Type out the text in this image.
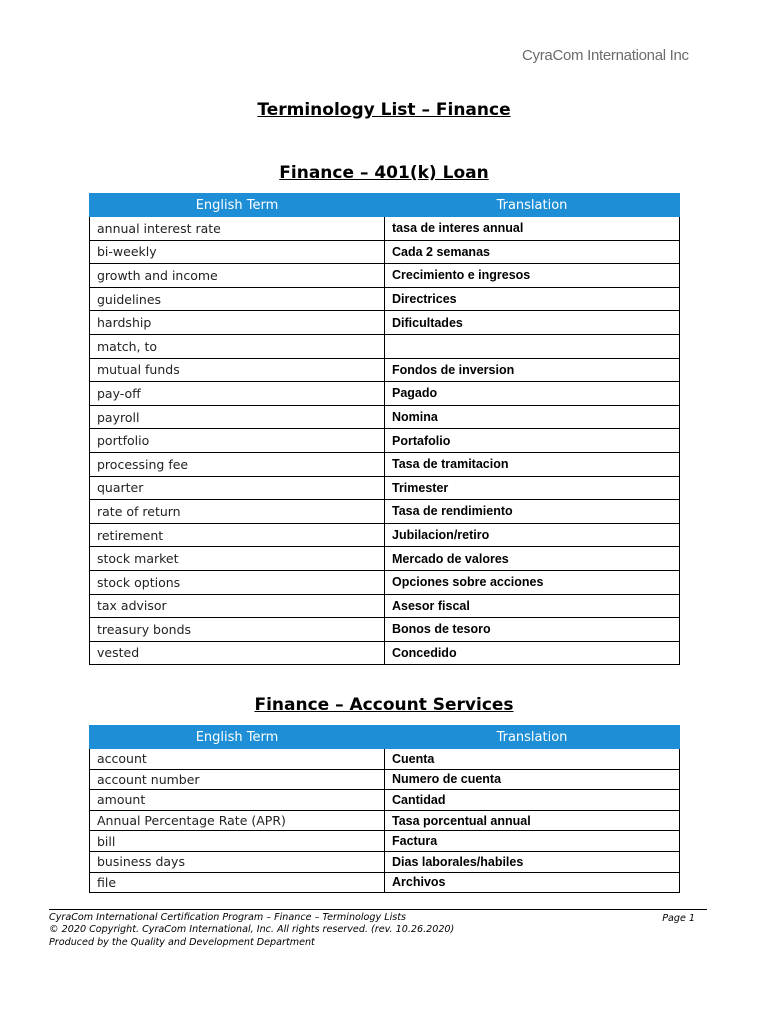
CyraCom International Inc
Terminology List – Finance
Finance – 401(k) Loan
English Term	Translation
annual interest rate	tasa de interes annual
bi-weekly	Cada 2 semanas
growth and income	Crecimiento e ingresos
guidelines	Directrices
hardship	Dificultades
match, to	
mutual funds	Fondos de inversion
pay-off	Pagado
payroll	Nomina
portfolio	Portafolio
processing fee	Tasa de tramitacion
quarter	Trimester
rate of return	Tasa de rendimiento
retirement	Jubilacion/retiro
stock market	Mercado de valores
stock options	Opciones sobre acciones
tax advisor	Asesor fiscal
treasury bonds	Bonos de tesoro
vested	Concedido
Finance – Account Services
English Term	Translation
account	Cuenta
account number	Numero de cuenta
amount	Cantidad
Annual Percentage Rate (APR)	Tasa porcentual annual
bill	Factura
business days	Dias laborales/habiles
file	Archivos
CyraCom International Certification Program – Finance – Terminology Lists
© 2020 Copyright. CyraCom International, Inc. All rights reserved. (rev. 10.26.2020)
Produced by the Quality and Development Department
Page 1
